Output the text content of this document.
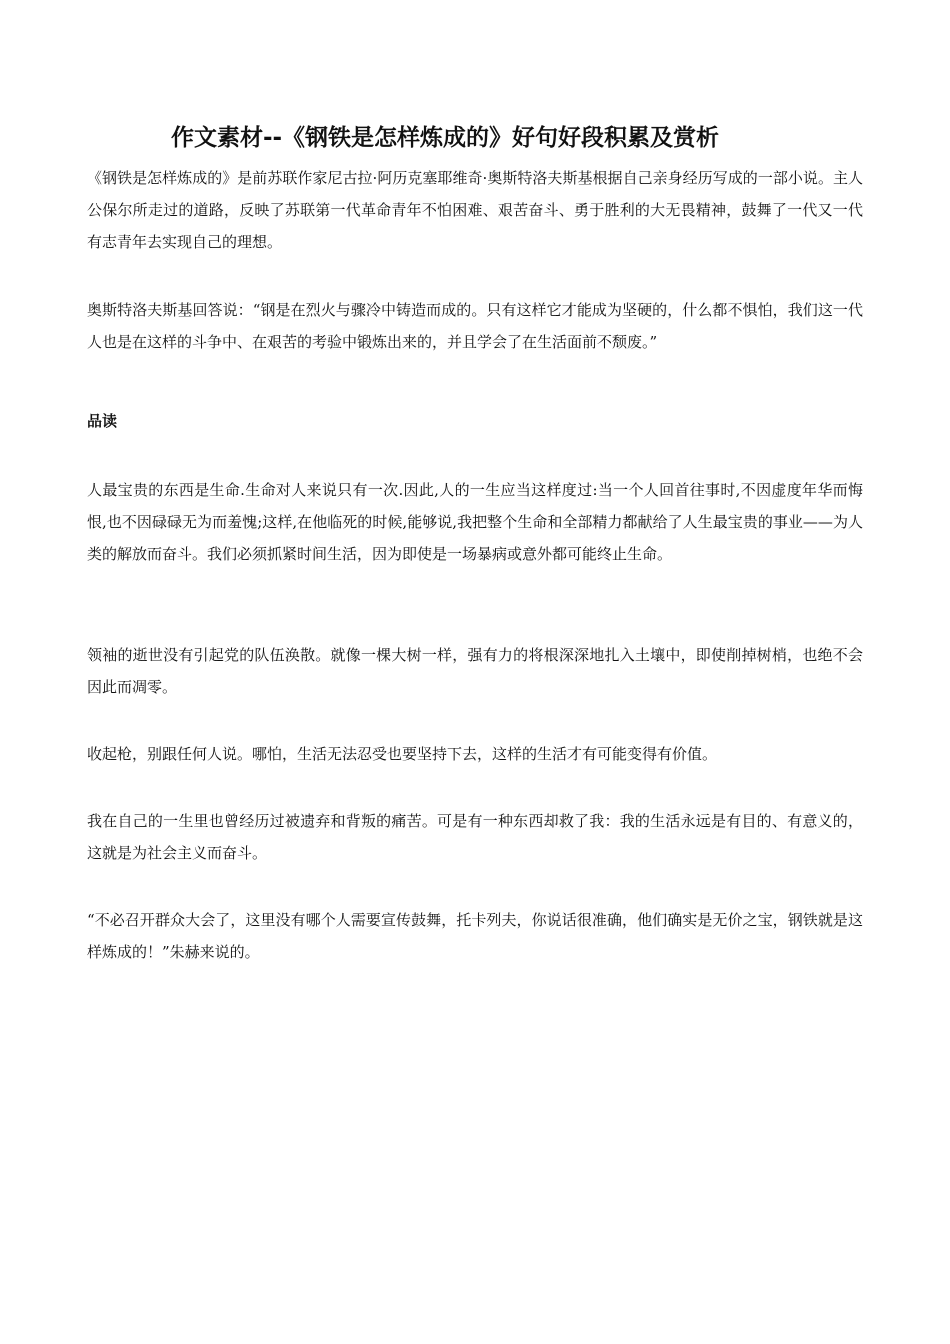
作文素材--《钢铁是怎样炼成的》好句好段积累及赏析

《钢铁是怎样炼成的》是前苏联作家尼古拉·阿历克塞耶维奇·奥斯特洛夫斯基根据自己亲身经历写成的一部小说。主人公保尔所走过的道路，反映了苏联第一代革命青年不怕困难、艰苦奋斗、勇于胜利的大无畏精神，鼓舞了一代又一代有志青年去实现自己的理想。

奥斯特洛夫斯基回答说：“钢是在烈火与骤冷中铸造而成的。只有这样它才能成为坚硬的，什么都不惧怕，我们这一代人也是在这样的斗争中、在艰苦的考验中锻炼出来的，并且学会了在生活面前不颓废。”

品读

人最宝贵的东西是生命.生命对人来说只有一次.因此,人的一生应当这样度过:当一个人回首往事时,不因虚度年华而悔恨,也不因碌碌无为而羞愧;这样,在他临死的时候,能够说,我把整个生命和全部精力都献给了人生最宝贵的事业——为人类的解放而奋斗。我们必须抓紧时间生活，因为即使是一场暴病或意外都可能终止生命。

领袖的逝世没有引起党的队伍涣散。就像一棵大树一样，强有力的将根深深地扎入土壤中，即使削掉树梢，也绝不会因此而凋零。

收起枪，别跟任何人说。哪怕，生活无法忍受也要坚持下去，这样的生活才有可能变得有价值。

我在自己的一生里也曾经历过被遗弃和背叛的痛苦。可是有一种东西却救了我：我的生活永远是有目的、有意义的，这就是为社会主义而奋斗。

“不必召开群众大会了，这里没有哪个人需要宣传鼓舞，托卡列夫，你说话很准确，他们确实是无价之宝，钢铁就是这样炼成的！”朱赫来说的。
